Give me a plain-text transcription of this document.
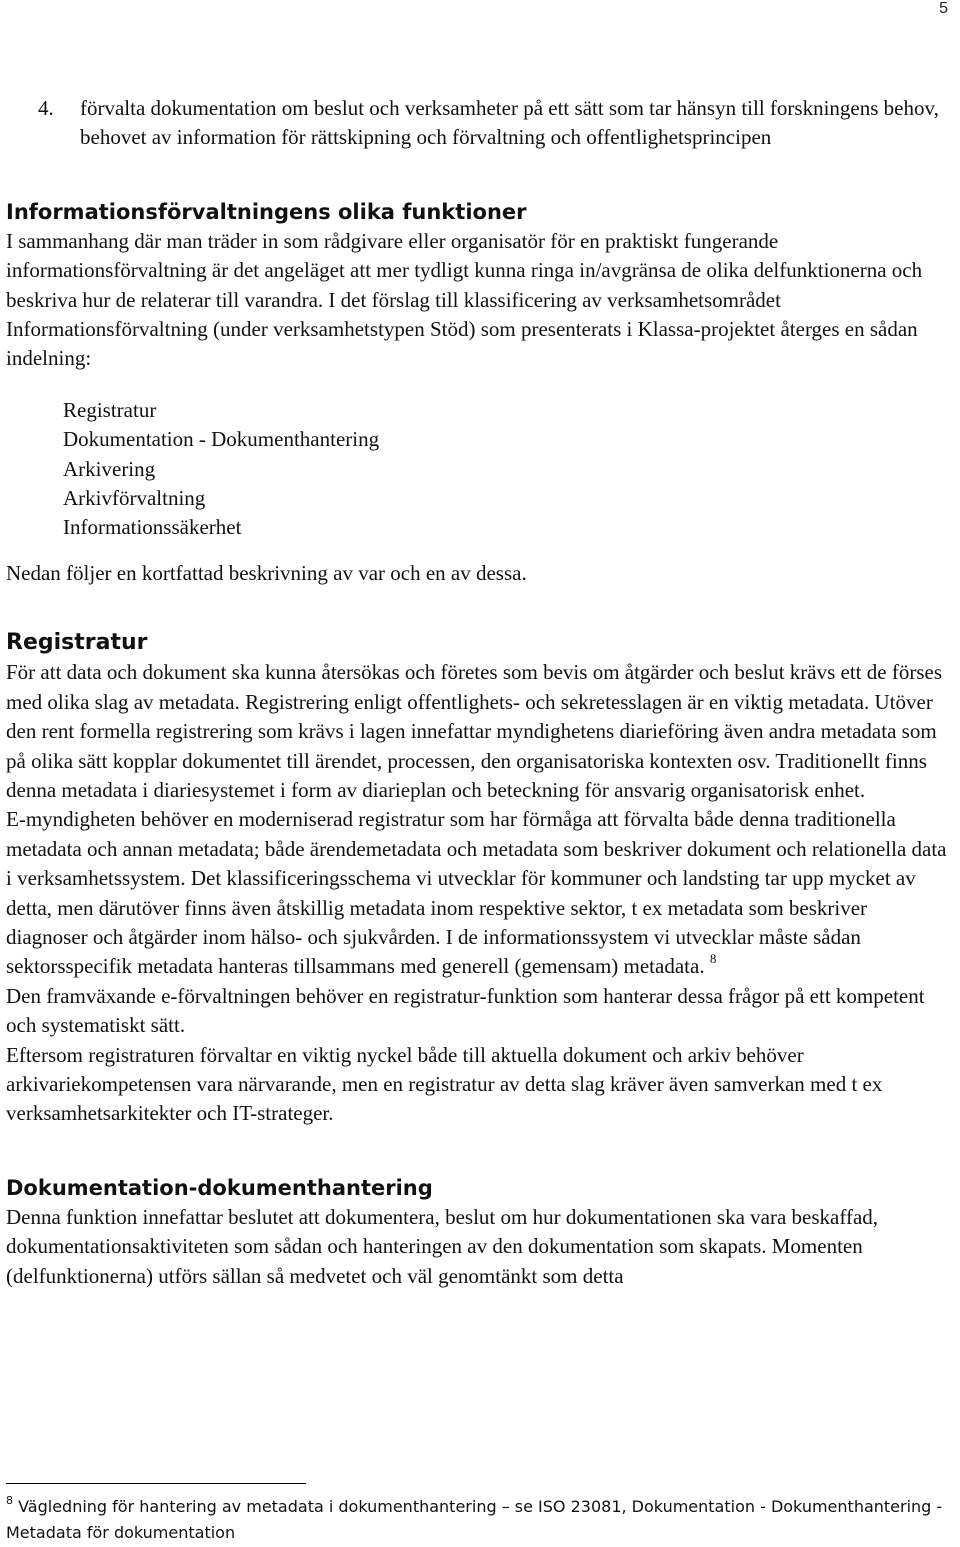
5
4. förvalta dokumentation om beslut och verksamheter på ett sätt som tar hänsyn till forskningens behov, behovet av information för rättskipning och förvaltning och offentlighetsprincipen
Informationsförvaltningens olika funktioner

I sammanhang där man träder in som rådgivare eller organisatör för en praktiskt fungerande informationsförvaltning är det angeläget att mer tydligt kunna ringa in/avgränsa de olika delfunktionerna och beskriva hur de relaterar till varandra. I det förslag till klassificering av verksamhetsområdet Informationsförvaltning (under verksamhetstypen Stöd) som presenterats i Klassa-projektet återges en sådan indelning:

Registratur
Dokumentation - Dokumenthantering
Arkivering
Arkivförvaltning
Informationssäkerhet

Nedan följer en kortfattad beskrivning av var och en av dessa.

Registratur

För att data och dokument ska kunna återsökas och företes som bevis om åtgärder och beslut krävs ett de förses med olika slag av metadata. Registrering enligt offentlighets- och sekretesslagen är en viktig metadata. Utöver den rent formella registrering som krävs i lagen innefattar myndighetens diarieföring även andra metadata som på olika sätt kopplar dokumentet till ärendet, processen, den organisatoriska kontexten osv. Traditionellt finns denna metadata i diariesystemet i form av diarieplan och beteckning för ansvarig organisatorisk enhet.

E-myndigheten behöver en moderniserad registratur som har förmåga att förvalta både denna traditionella metadata och annan metadata; både ärendemetadata och metadata som beskriver dokument och relationella data i verksamhetssystem. Det klassificeringsschema vi utvecklar för kommuner och landsting tar upp mycket av detta, men därutöver finns även åtskillig metadata inom respektive sektor, t ex metadata som beskriver diagnoser och åtgärder inom hälso- och sjukvården. I de informationssystem vi utvecklar måste sådan sektorsspecifik metadata hanteras tillsammans med generell (gemensam) metadata. $^8$

Den framväxande e-förvaltningen behöver en registratur-funktion som hanterar dessa frågor på ett kompetent och systematiskt sätt.

Eftersom registraturen förvaltar en viktig nyckel både till aktuella dokument och arkiv behöver arkivariekompetensen vara närvarande, men en registratur av detta slag kräver även samverkan med t ex verksamhetsarkitekter och IT-strateger.

Dokumentation-dokumenthantering

Denna funktion innefattar beslutet att dokumentera, beslut om hur dokumentationen ska vara beskaffad, dokumentationsaktiviteten som sådan och hanteringen av den dokumentation som skapats. Momenten (delfunktionerna) utförs sällan så medvetet och väl genomtänkt som detta

$^8$ Vägledning för hantering av metadata i dokumenthantering – se ISO 23081, Dokumentation - Dokumenthantering - Metadata för dokumentation
